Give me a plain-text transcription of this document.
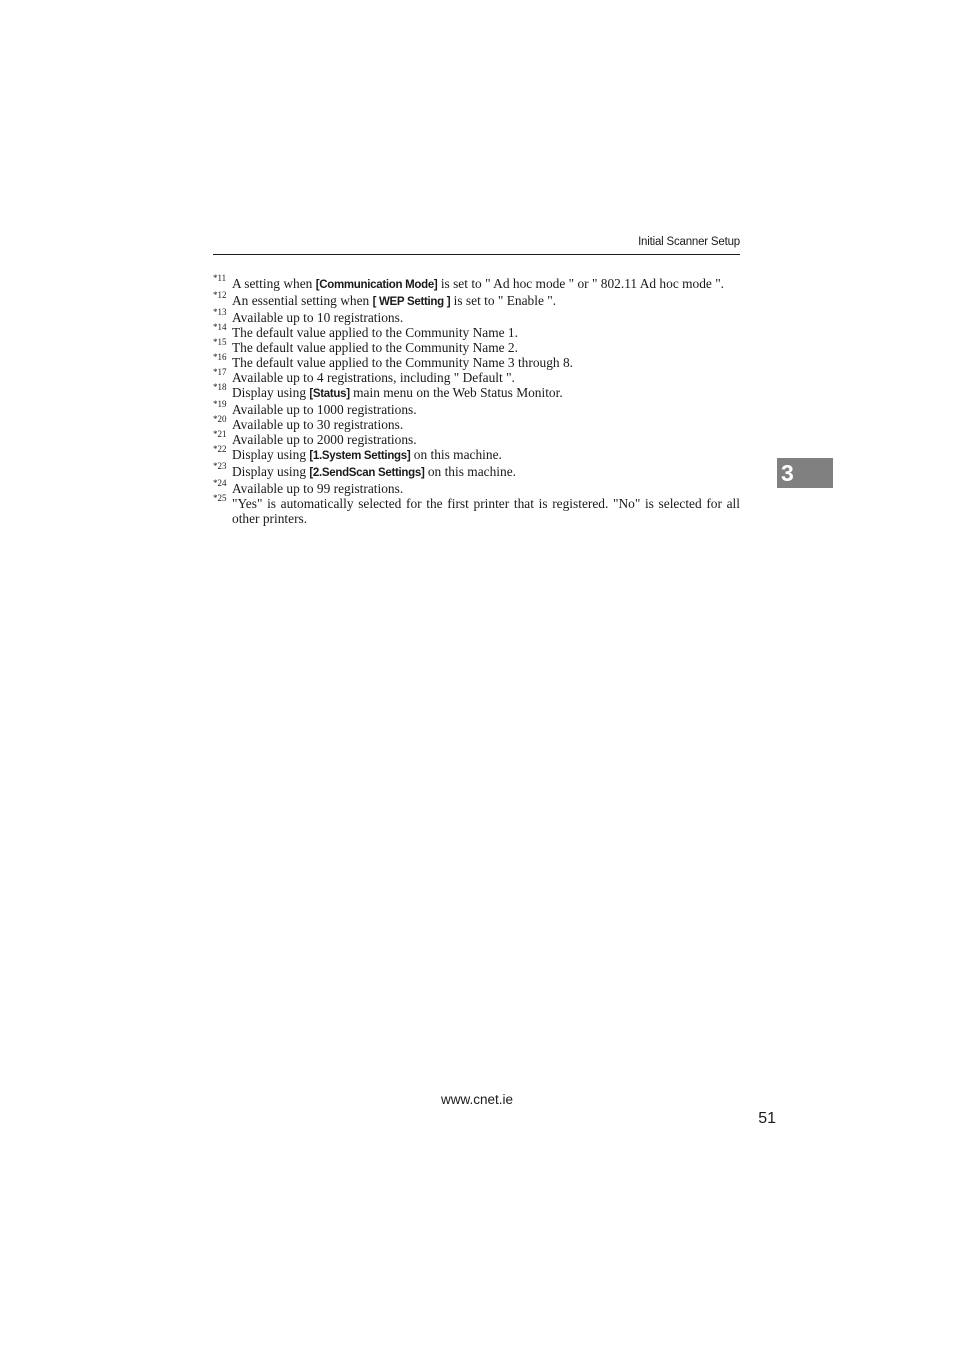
Initial Scanner Setup
*11 A setting when [Communication Mode] is set to " Ad hoc mode " or " 802.11 Ad hoc mode ".
*12 An essential setting when [ WEP Setting ] is set to " Enable ".
*13 Available up to 10 registrations.
*14 The default value applied to the Community Name 1.
*15 The default value applied to the Community Name 2.
*16 The default value applied to the Community Name 3 through 8.
*17 Available up to 4 registrations, including " Default ".
*18 Display using [Status] main menu on the Web Status Monitor.
*19 Available up to 1000 registrations.
*20 Available up to 30 registrations.
*21 Available up to 2000 registrations.
*22 Display using [1.System Settings] on this machine.
*23 Display using [2.SendScan Settings] on this machine.
*24 Available up to 99 registrations.
*25 "Yes" is automatically selected for the first printer that is registered. "No" is selected for all other printers.
3
www.cnet.ie
51
